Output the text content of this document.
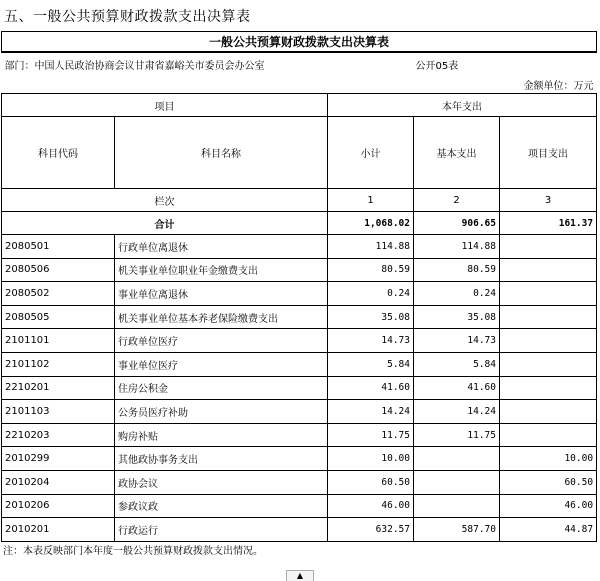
五、一般公共预算财政拨款支出决算表
一般公共预算财政拨款支出决算表				
部门：中国人民政治协商会议甘肃省嘉峪关市委员会办公室			公开05表	
金额单位：万元				
项目		本年支出		
科目代码	科目名称	小计	基本支出	项目支出
栏次		1	2	3
合计		1,068.02	906.65	161.37
2080501	行政单位离退休	114.88	114.88	
2080506	机关事业单位职业年金缴费支出	80.59	80.59	
2080502	事业单位离退休	0.24	0.24	
2080505	机关事业单位基本养老保险缴费支出	35.08	35.08	
2101101	行政单位医疗	14.73	14.73	
2101102	事业单位医疗	5.84	5.84	
2210201	住房公积金	41.60	41.60	
2101103	公务员医疗补助	14.24	14.24	
2210203	购房补贴	11.75	11.75	
2010299	其他政协事务支出	10.00		10.00
2010204	政协会议	60.50		60.50
2010206	参政议政	46.00		46.00
2010201	行政运行	632.57	587.70	44.87
注：本表反映部门本年度一般公共预算财政拨款支出情况。
▲
